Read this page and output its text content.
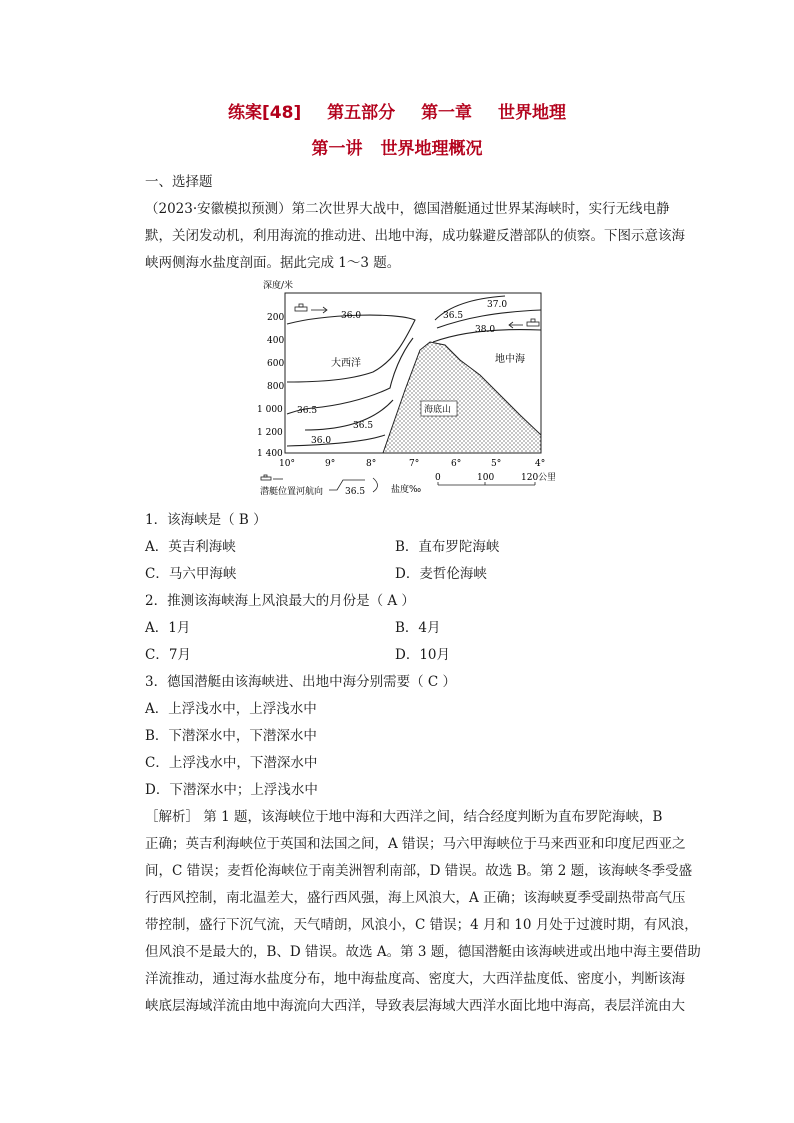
练案[48] 第五部分 第一章 世界地理
第一讲 世界地理概况
一、选择题
（2023·安徽模拟预测）第二次世界大战中，德国潜艇通过世界某海峡时，实行无线电静
默，关闭发动机，利用海流的推动进、出地中海，成功躲避反潜部队的侦察。下图示意该海
峡两侧海水盐度剖面。据此完成 1～3 题。
深度/米
200
400
600
800
1 000
1 200
1 400
10°	9°	8°	7°	6°	5°	4°
海底山
36.0	36.5
37.0
38.0
36.5
36.5
36.0
大西洋	地中海
潜艇位置河航向 36.5	盐度‰
0	100	120公里
1．该海峡是（ B ）
A．英吉利海峡	B．直布罗陀海峡
C．马六甲海峡	D．麦哲伦海峡
2．推测该海峡海上风浪最大的月份是（ A ）
A．1月	B．4月
C．7月	D．10月
3．德国潜艇由该海峡进、出地中海分别需要（ C ）
A．上浮浅水中，上浮浅水中
B．下潜深水中，下潜深水中
C．上浮浅水中，下潜深水中
D．下潜深水中；上浮浅水中
［解析］ 第 1 题，该海峡位于地中海和大西洋之间，结合经度判断为直布罗陀海峡，B
正确；英吉利海峡位于英国和法国之间，A 错误；马六甲海峡位于马来西亚和印度尼西亚之
间，C 错误；麦哲伦海峡位于南美洲智利南部，D 错误。故选 B。第 2 题，该海峡冬季受盛
行西风控制，南北温差大，盛行西风强，海上风浪大，A 正确；该海峡夏季受副热带高气压
带控制，盛行下沉气流，天气晴朗，风浪小，C 错误；4 月和 10 月处于过渡时期，有风浪，
但风浪不是最大的，B、D 错误。故选 A。第 3 题，德国潜艇由该海峡进或出地中海主要借助
洋流推动，通过海水盐度分布，地中海盐度高、密度大，大西洋盐度低、密度小，判断该海
峡底层海域洋流由地中海流向大西洋，导致表层海域大西洋水面比地中海高，表层洋流由大
